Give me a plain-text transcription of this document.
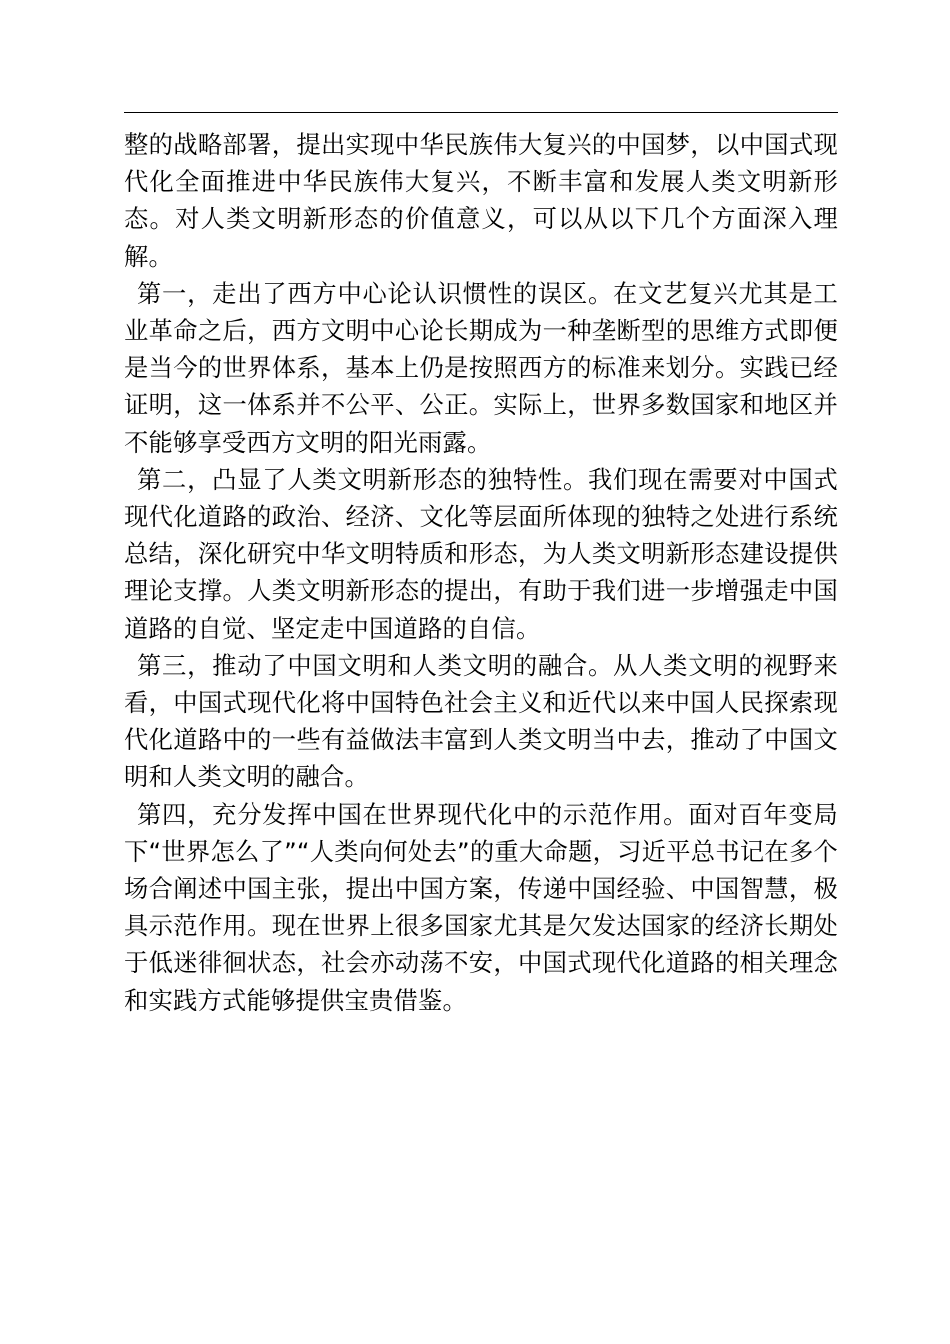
整的战略部署，提出实现中华民族伟大复兴的中国梦，以中国式现代化全面推进中华民族伟大复兴，不断丰富和发展人类文明新形态。对人类文明新形态的价值意义，可以从以下几个方面深入理解。

第一，走出了西方中心论认识惯性的误区。在文艺复兴尤其是工业革命之后，西方文明中心论长期成为一种垄断型的思维方式即便是当今的世界体系，基本上仍是按照西方的标准来划分。实践已经证明，这一体系并不公平、公正。实际上，世界多数国家和地区并不能够享受西方文明的阳光雨露。

第二，凸显了人类文明新形态的独特性。我们现在需要对中国式现代化道路的政治、经济、文化等层面所体现的独特之处进行系统总结，深化研究中华文明特质和形态，为人类文明新形态建设提供理论支撑。人类文明新形态的提出，有助于我们进一步增强走中国道路的自觉、坚定走中国道路的自信。

第三，推动了中国文明和人类文明的融合。从人类文明的视野来看，中国式现代化将中国特色社会主义和近代以来中国人民探索现代化道路中的一些有益做法丰富到人类文明当中去，推动了中国文明和人类文明的融合。

第四，充分发挥中国在世界现代化中的示范作用。面对百年变局下“世界怎么了”“人类向何处去”的重大命题，习近平总书记在多个场合阐述中国主张，提出中国方案，传递中国经验、中国智慧，极具示范作用。现在世界上很多国家尤其是欠发达国家的经济长期处于低迷徘徊状态，社会亦动荡不安，中国式现代化道路的相关理念和实践方式能够提供宝贵借鉴。
